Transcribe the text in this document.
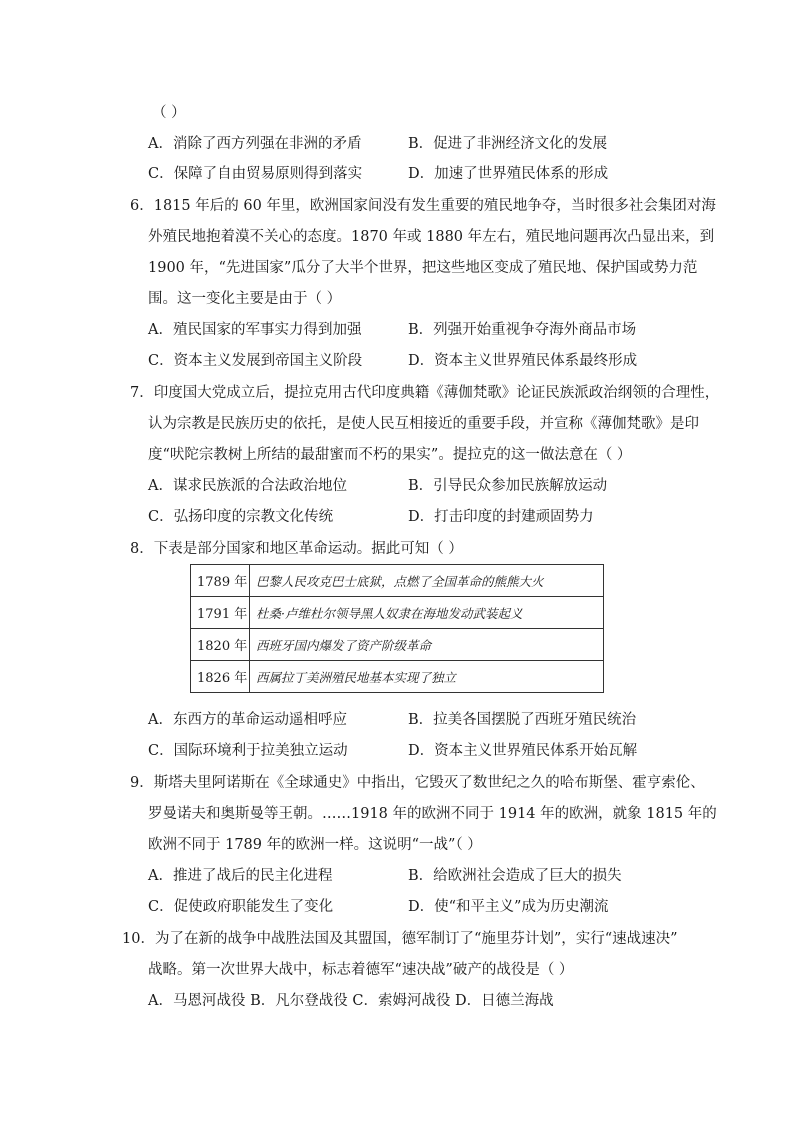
（ ）
A．消除了西方列强在非洲的矛盾	B．促进了非洲经济文化的发展
C．保障了自由贸易原则得到落实	D．加速了世界殖民体系的形成
6．1815 年后的 60 年里，欧洲国家间没有发生重要的殖民地争夺，当时很多社会集团对海
外殖民地抱着漠不关心的态度。1870 年或 1880 年左右，殖民地问题再次凸显出来，到
1900 年，“先进国家”瓜分了大半个世界，把这些地区变成了殖民地、保护国或势力范
围。这一变化主要是由于（ ）
A．殖民国家的军事实力得到加强	B．列强开始重视争夺海外商品市场
C．资本主义发展到帝国主义阶段	D．资本主义世界殖民体系最终形成
7．印度国大党成立后，提拉克用古代印度典籍《薄伽梵歌》论证民族派政治纲领的合理性，
认为宗教是民族历史的依托，是使人民互相接近的重要手段，并宣称《薄伽梵歌》是印
度“吠陀宗教树上所结的最甜蜜而不朽的果实”。提拉克的这一做法意在（ ）
A．谋求民族派的合法政治地位	B．引导民众参加民族解放运动
C．弘扬印度的宗教文化传统	D．打击印度的封建顽固势力
8．下表是部分国家和地区革命运动。据此可知（ ）
1789 年	巴黎人民攻克巴士底狱，点燃了全国革命的熊熊大火
1791 年	杜桑·卢维杜尔领导黑人奴隶在海地发动武装起义
1820 年	西班牙国内爆发了资产阶级革命
1826 年	西属拉丁美洲殖民地基本实现了独立
A．东西方的革命运动遥相呼应	B．拉美各国摆脱了西班牙殖民统治
C．国际环境利于拉美独立运动	D．资本主义世界殖民体系开始瓦解
9．斯塔夫里阿诺斯在《全球通史》中指出，它毁灭了数世纪之久的哈布斯堡、霍亨索伦、
罗曼诺夫和奥斯曼等王朝。……1918 年的欧洲不同于 1914 年的欧洲，就象 1815 年的
欧洲不同于 1789 年的欧洲一样。这说明“一战”（ ）
A．推进了战后的民主化进程	B．给欧洲社会造成了巨大的损失
C．促使政府职能发生了变化	D．使“和平主义”成为历史潮流
10．为了在新的战争中战胜法国及其盟国，德军制订了“施里芬计划”，实行“速战速决”
战略。第一次世界大战中，标志着德军“速决战”破产的战役是（ ）
A．马恩河战役 B．凡尔登战役 C．索姆河战役 D．日德兰海战
